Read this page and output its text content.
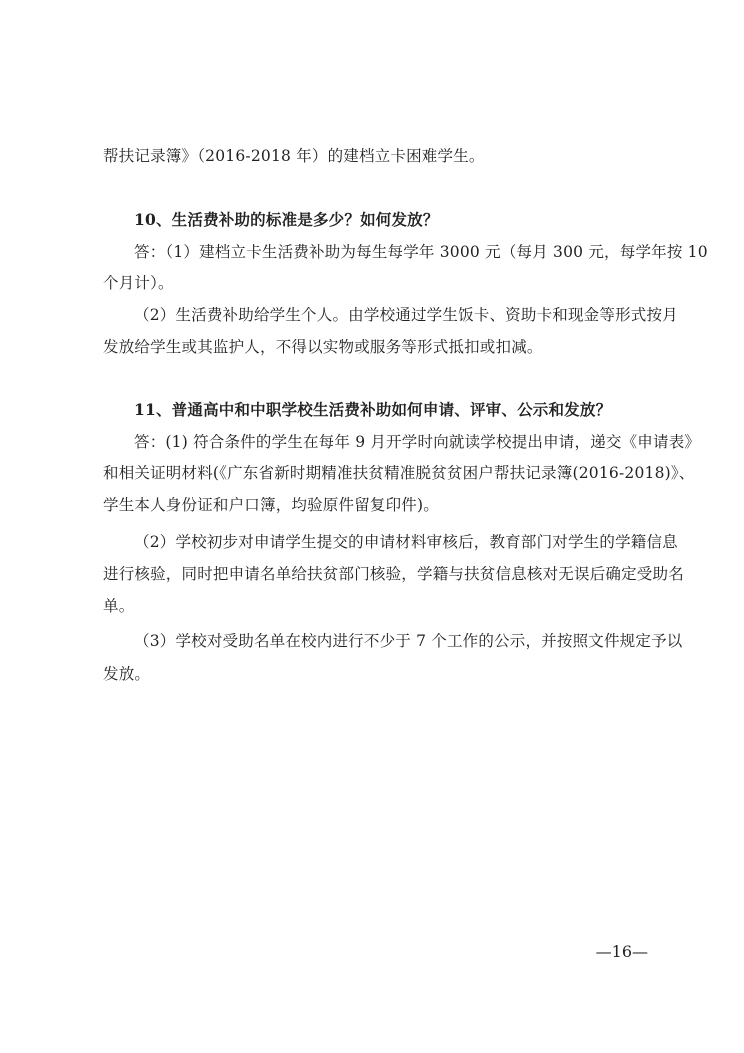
帮扶记录簿》（2016-2018 年）的建档立卡困难学生。
10、生活费补助的标准是多少？如何发放？
答：（1）建档立卡生活费补助为每生每学年 3000 元（每月 300 元，每学年按 10
个月计）。
（2）生活费补助给学生个人。由学校通过学生饭卡、资助卡和现金等形式按月
发放给学生或其监护人，不得以实物或服务等形式抵扣或扣减。
11、普通高中和中职学校生活费补助如何申请、评审、公示和发放？
答：(1) 符合条件的学生在每年 9 月开学时向就读学校提出申请，递交《申请表》
和相关证明材料(《广东省新时期精准扶贫精准脱贫贫困户帮扶记录簿(2016-2018)》、
学生本人身份证和户口簿，均验原件留复印件)。
（2）学校初步对申请学生提交的申请材料审核后，教育部门对学生的学籍信息
进行核验，同时把申请名单给扶贫部门核验，学籍与扶贫信息核对无误后确定受助名
单。
（3）学校对受助名单在校内进行不少于 7 个工作的公示，并按照文件规定予以
发放。
—16—
